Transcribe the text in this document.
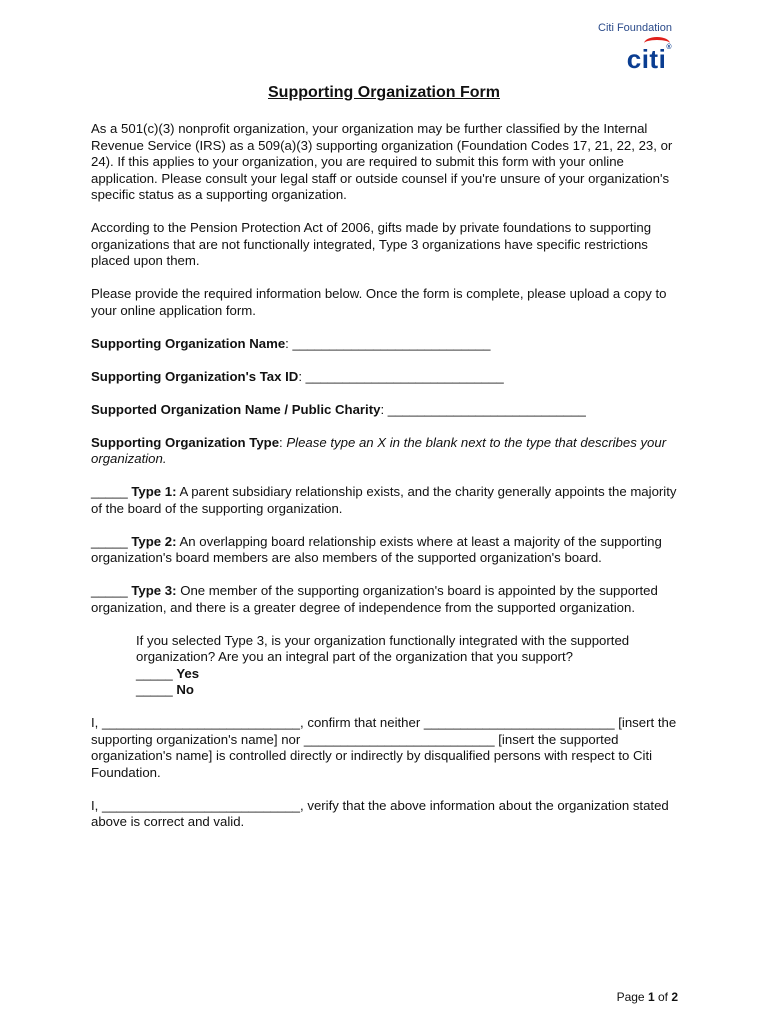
Citi Foundation
citi®
Supporting Organization Form

As a 501(c)(3) nonprofit organization, your organization may be further classified by the Internal Revenue Service (IRS) as a 509(a)(3) supporting organization (Foundation Codes 17, 21, 22, 23, or 24). If this applies to your organization, you are required to submit this form with your online application. Please consult your legal staff or outside counsel if you're unsure of your organization's specific status as a supporting organization.

According to the Pension Protection Act of 2006, gifts made by private foundations to supporting organizations that are not functionally integrated, Type 3 organizations have specific restrictions placed upon them.

Please provide the required information below. Once the form is complete, please upload a copy to your online application form.

Supporting Organization Name: ___________________________

Supporting Organization's Tax ID: ___________________________

Supported Organization Name / Public Charity: ___________________________

Supporting Organization Type: Please type an X in the blank next to the type that describes your organization.

_____ Type 1: A parent subsidiary relationship exists, and the charity generally appoints the majority of the board of the supporting organization.

_____ Type 2: An overlapping board relationship exists where at least a majority of the supporting organization's board members are also members of the supported organization's board.

_____ Type 3: One member of the supporting organization's board is appointed by the supported organization, and there is a greater degree of independence from the supported organization.

If you selected Type 3, is your organization functionally integrated with the supported organization? Are you an integral part of the organization that you support?

_____ Yes

_____ No

I, ___________________________, confirm that neither __________________________ [insert the supporting organization's name] nor __________________________ [insert the supported organization's name] is controlled directly or indirectly by disqualified persons with respect to Citi Foundation.

I, ___________________________, verify that the above information about the organization stated above is correct and valid.

Page 1 of 2
